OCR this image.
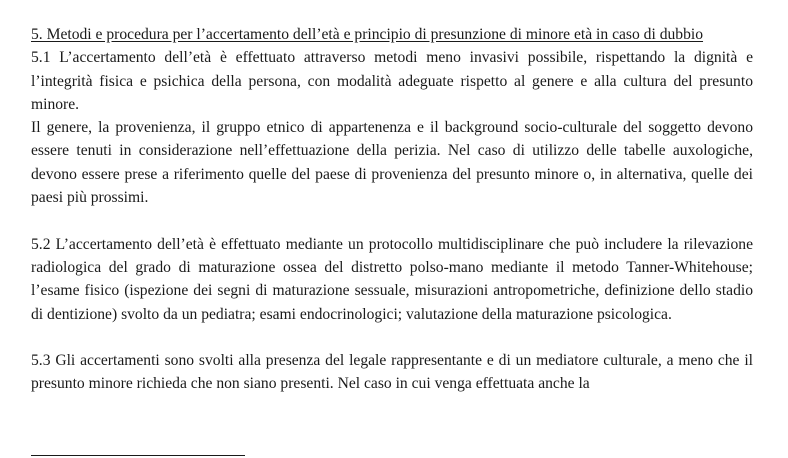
5. Metodi e procedura per l’accertamento dell’età e principio di presunzione di minore età in caso di dubbio

5.1 L’accertamento dell’età è effettuato attraverso metodi meno invasivi possibile, rispettando la dignità e l’integrità fisica e psichica della persona, con modalità adeguate rispetto al genere e alla cultura del presunto minore.

Il genere, la provenienza, il gruppo etnico di appartenenza e il background socio-culturale del soggetto devono essere tenuti in considerazione nell’effettuazione della perizia. Nel caso di utilizzo delle tabelle auxologiche, devono essere prese a riferimento quelle del paese di provenienza del presunto minore o, in alternativa, quelle dei paesi più prossimi.

5.2 L’accertamento dell’età è effettuato mediante un protocollo multidisciplinare che può includere la rilevazione radiologica del grado di maturazione ossea del distretto polso-mano mediante il metodo Tanner-Whitehouse; l’esame fisico (ispezione dei segni di maturazione sessuale, misurazioni antropometriche, definizione dello stadio di dentizione) svolto da un pediatra; esami endocrinologici; valutazione della maturazione psicologica.

5.3 Gli accertamenti sono svolti alla presenza del legale rappresentante e di un mediatore culturale, a meno che il presunto minore richieda che non siano presenti. Nel caso in cui venga effettuata anche la
